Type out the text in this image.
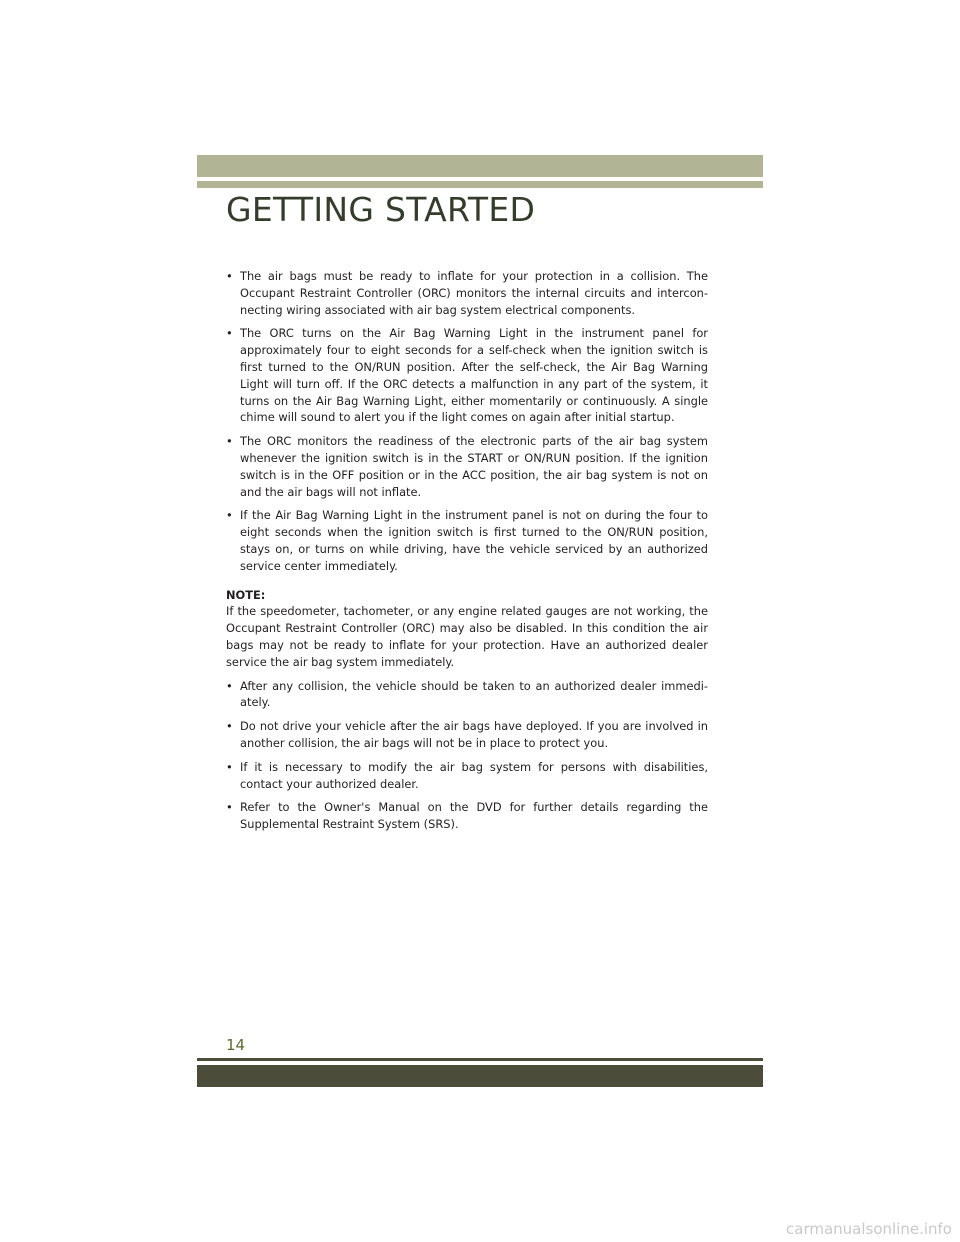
GETTING STARTED

• The air bags must be ready to inflate for your protection in a collision. The Occupant Restraint Controller (ORC) monitors the internal circuits and intercon-necting wiring associated with air bag system electrical components.

• The ORC turns on the Air Bag Warning Light in the instrument panel for approximately four to eight seconds for a self-check when the ignition switch is first turned to the ON/RUN position. After the self-check, the Air Bag Warning Light will turn off. If the ORC detects a malfunction in any part of the system, it turns on the Air Bag Warning Light, either momentarily or continuously. A single chime will sound to alert you if the light comes on again after initial startup.

• The ORC monitors the readiness of the electronic parts of the air bag system whenever the ignition switch is in the START or ON/RUN position. If the ignition switch is in the OFF position or in the ACC position, the air bag system is not on and the air bags will not inflate.

• If the Air Bag Warning Light in the instrument panel is not on during the four to eight seconds when the ignition switch is first turned to the ON/RUN position, stays on, or turns on while driving, have the vehicle serviced by an authorized service center immediately.

NOTE:

If the speedometer, tachometer, or any engine related gauges are not working, the Occupant Restraint Controller (ORC) may also be disabled. In this condition the air bags may not be ready to inflate for your protection. Have an authorized dealer service the air bag system immediately.

• After any collision, the vehicle should be taken to an authorized dealer immedi-ately.

• Do not drive your vehicle after the air bags have deployed. If you are involved in another collision, the air bags will not be in place to protect you.

• If it is necessary to modify the air bag system for persons with disabilities, contact your authorized dealer.

• Refer to the Owner's Manual on the DVD for further details regarding the Supplemental Restraint System (SRS).

14
carmanualsonline.info
